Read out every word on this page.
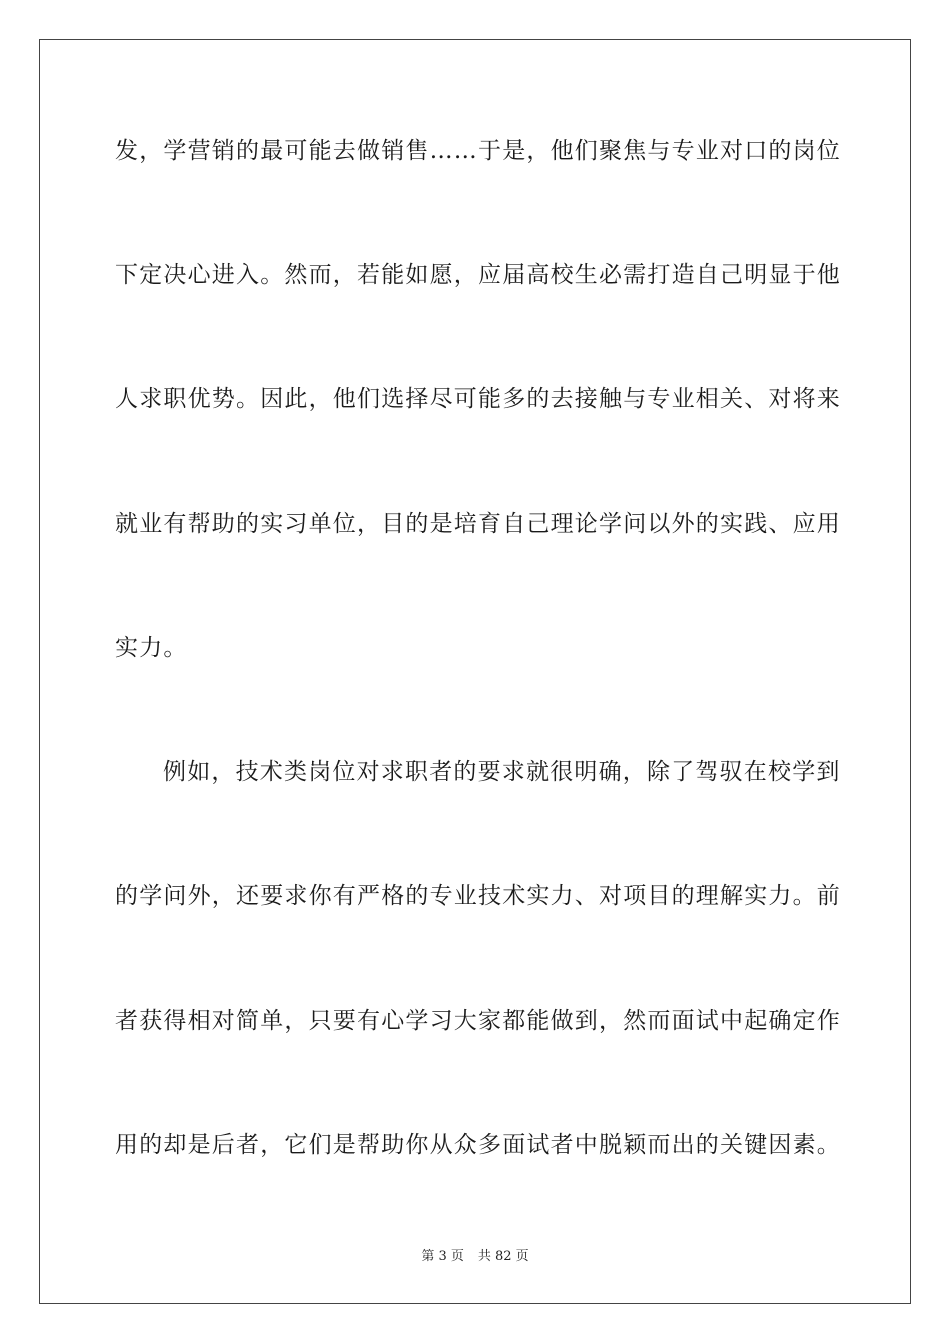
发，学营销的最可能去做销售……于是，他们聚焦与专业对口的岗位
下定决心进入。然而，若能如愿，应届高校生必需打造自己明显于他
人求职优势。因此，他们选择尽可能多的去接触与专业相关、对将来
就业有帮助的实习单位，目的是培育自己理论学问以外的实践、应用
实力。
例如，技术类岗位对求职者的要求就很明确，除了驾驭在校学到
的学问外，还要求你有严格的专业技术实力、对项目的理解实力。前
者获得相对简单，只要有心学习大家都能做到，然而面试中起确定作
用的却是后者，它们是帮助你从众多面试者中脱颖而出的关键因素。
第 3 页 共 82 页
